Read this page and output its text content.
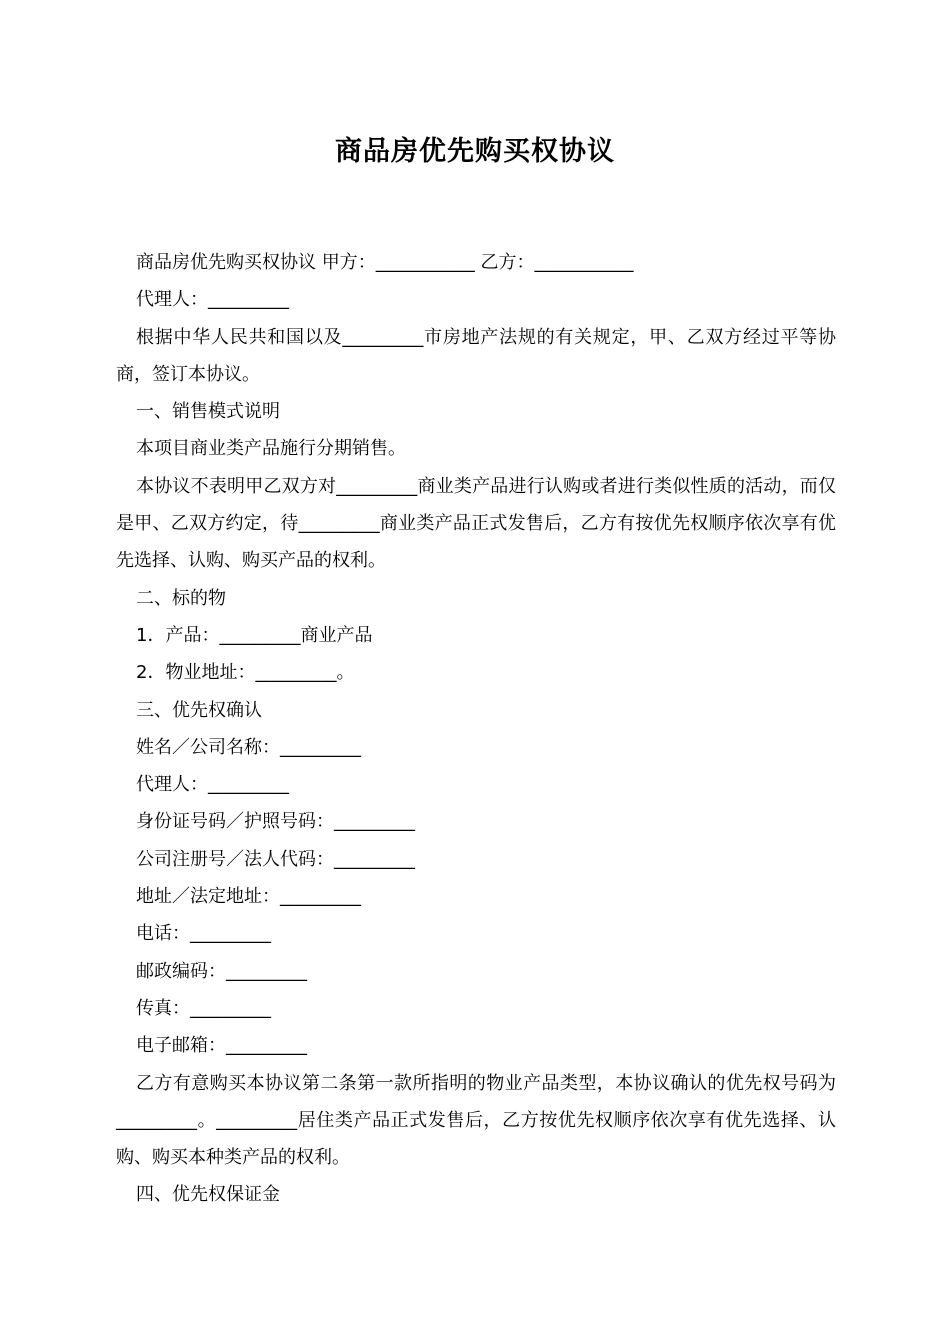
商品房优先购买权协议

商品房优先购买权协议 甲方：___________ 乙方：___________

代理人：_________

根据中华人民共和国以及_________市房地产法规的有关规定，甲、乙双方经过平等协商，签订本协议。

一、销售模式说明

本项目商业类产品施行分期销售。

本协议不表明甲乙双方对_________商业类产品进行认购或者进行类似性质的活动，而仅是甲、乙双方约定，待_________商业类产品正式发售后，乙方有按优先权顺序依次享有优先选择、认购、购买产品的权利。

二、标的物

1．产品：_________商业产品

2．物业地址：_________。

三、优先权确认

姓名／公司名称：_________

代理人：_________

身份证号码／护照号码：_________

公司注册号／法人代码：_________

地址／法定地址：_________

电话：_________

邮政编码：_________

传真：_________

电子邮箱：_________

乙方有意购买本协议第二条第一款所指明的物业产品类型，本协议确认的优先权号码为_________。_________居住类产品正式发售后，乙方按优先权顺序依次享有优先选择、认购、购买本种类产品的权利。

四、优先权保证金
